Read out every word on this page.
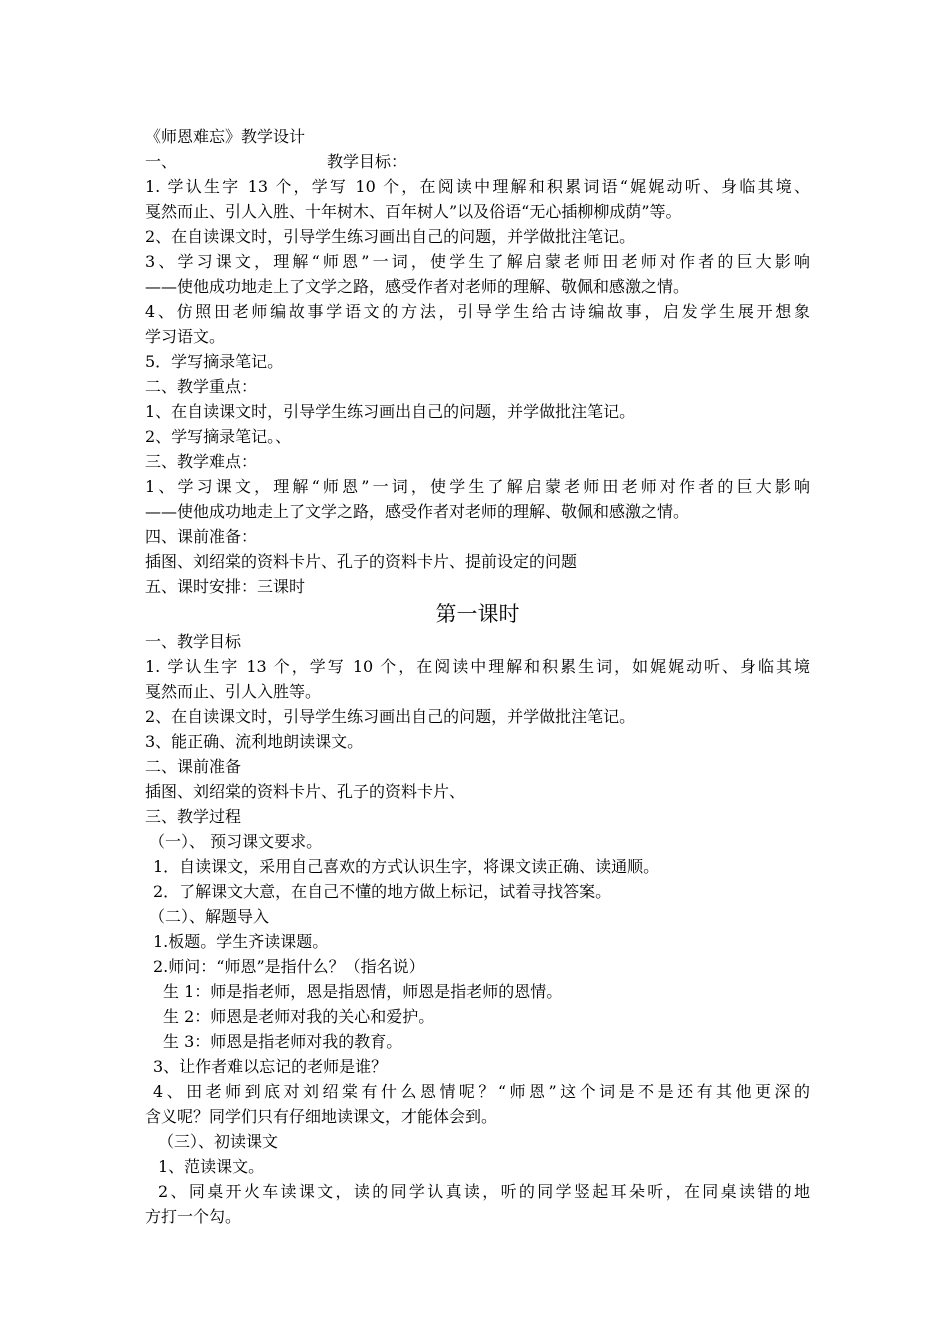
《师恩难忘》教学设计
一、	教学目标：
1. 学认生字 13 个，学写 10 个，在阅读中理解和积累词语“娓娓动听、身临其境、
戛然而止、引人入胜、十年树木、百年树人”以及俗语“无心插柳柳成荫”等。
2、在自读课文时，引导学生练习画出自己的问题，并学做批注笔记。
3、学习课文，理解“师恩”一词，使学生了解启蒙老师田老师对作者的巨大影响
——使他成功地走上了文学之路，感受作者对老师的理解、敬佩和感激之情。
4、仿照田老师编故事学语文的方法，引导学生给古诗编故事，启发学生展开想象
学习语文。
5．学写摘录笔记。
二、教学重点：
1、在自读课文时，引导学生练习画出自己的问题，并学做批注笔记。
2、学写摘录笔记。、
三、教学难点：
1、学习课文，理解“师恩”一词，使学生了解启蒙老师田老师对作者的巨大影响
——使他成功地走上了文学之路，感受作者对老师的理解、敬佩和感激之情。
四、课前准备：
插图、刘绍棠的资料卡片、孔子的资料卡片、提前设定的问题
五、课时安排：三课时
第一课时
一、教学目标
1. 学认生字 13 个，学写 10 个，在阅读中理解和积累生词，如娓娓动听、身临其境
戛然而止、引人入胜等。
2、在自读课文时，引导学生练习画出自己的问题，并学做批注笔记。
3、能正确、流利地朗读课文。
二、课前准备
插图、刘绍棠的资料卡片、孔子的资料卡片、
三、教学过程
（一）、 预习课文要求。
1．自读课文，采用自己喜欢的方式认识生字，将课文读正确、读通顺。
2．了解课文大意，在自己不懂的地方做上标记，试着寻找答案。
（二）、解题导入
1.板题。学生齐读课题。
2.师问：“师恩”是指什么？（指名说）
生 1：师是指老师，恩是指恩情，师恩是指老师的恩情。
生 2：师恩是老师对我的关心和爱护。
生 3：师恩是指老师对我的教育。
3、让作者难以忘记的老师是谁？
4、田老师到底对刘绍棠有什么恩情呢？“师恩”这个词是不是还有其他更深的
含义呢？同学们只有仔细地读课文，才能体会到。
（三）、初读课文
1、范读课文。
2、同桌开火车读课文，读的同学认真读，听的同学竖起耳朵听，在同桌读错的地
方打一个勾。
